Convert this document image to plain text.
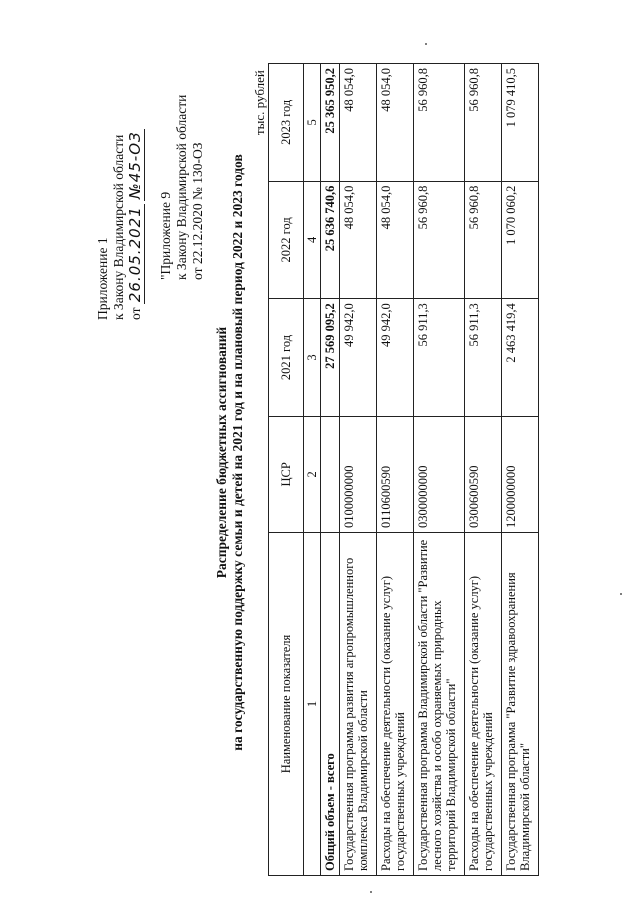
Приложение 1 к Закону Владимирской области от 26.05.2021 №45-ОЗ
"Приложение 9 к Закону Владимирской области от 22.12.2020 № 130-ОЗ
Распределение бюджетных ассигнований на государственную поддержку семьи и детей на 2021 год и на плановый период 2022 и 2023 годов
тыс. рублей
Наименование показателя	ЦСР	2021 год	2022 год	2023 год
1	2	3	4	5
Общий объем - всего		27 569 095,2	25 636 740,6	25 365 950,2
Государственная программа развития агропромышленного комплекса Владимирской области	0100000000	49 942,0	48 054,0	48 054,0
Расходы на обеспечение деятельности (оказание услуг) государственных учреждений	0110600590	49 942,0	48 054,0	48 054,0
Государственная программа Владимирской области "Развитие лесного хозяйства и особо охраняемых природных территорий Владимирской области"	0300000000	56 911,3	56 960,8	56 960,8
Расходы на обеспечение деятельности (оказание услуг) государственных учреждений	0300600590	56 911,3	56 960,8	56 960,8
Государственная программа "Развитие здравоохранения Владимирской области"	1200000000	2 463 419,4	1 070 060,2	1 079 410,5
